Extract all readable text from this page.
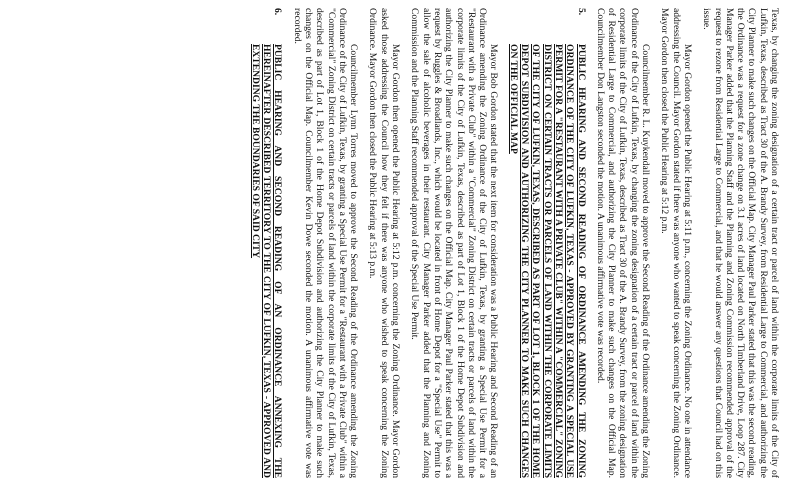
Texas, by changing the zoning designation of a certain tract or parcel of land within the corporate limits of the City of Lufkin, Texas, described as Tract 30 of the A. Brandy Survey, from Residential Large to Commercial, and authorizing the City Planner to make such changes on the Official Map. City Manager Paul Parker stated that this was the second reading, the Ordinance was a request for a zone change on 3.1 acres of land located on North Timberland Drive, Loop 287. City Manager Parker added that the Planning Staff and the Planning and Zoning Commission recommended approval of the request to rezone from Residential Large to Commercial, and that he would answer any questions that Council had on this issue.

Mayor Gordon opened the Public Hearing at 5:11 p.m., concerning the Zoning Ordinance. No one in attendance addressing the Council. Mayor Gordon stated if there was anyone who wanted to speak concerning the Zoning Ordinance. Mayor Gordon then closed the Public Hearing at 5:12 p.m.

Councilmember R. L. Kuykendall moved to approve the Second Reading of the Ordinance amending the Zoning Ordinance of the City of Lufkin, Texas, by changing the zoning designation of a certain tract or parcel of land within the corporate limits of the City of Lufkin, Texas, described as Tract 30 of the A. Brandy Survey, from the zoning designation of Residential Large to Commercial, and authorizing the City Planner to make such changes on the Official Map. Councilmember Don Langston seconded the motion. A unanimous affirmative vote was recorded.

5.

PUBLIC HEARING AND SECOND READING OF ORDINANCE AMENDING THE ZONING ORDINANCE OF THE CITY OF LUFKIN, TEXAS - APPROVED BY GRANTING A SPECIAL USE PERMIT FOR A "RESTAURANT WITH A PRIVATE CLUB" WITHIN A "COMMERCIAL" ZONING DISTRICT ON CERTAIN TRACTS OR PARCELS OF LAND WITHIN THE CORPORATE LIMITS OF THE CITY OF LUFKIN, TEXAS, DESCRIBED AS PART OF LOT 1, BLOCK 1 OF THE HOME DEPOT SUBDIVISION AND AUTHORIZING THE CITY PLANNER TO MAKE SUCH CHANGES ON THE OFFICIAL MAP

Mayor Bob Gordon stated that the next item for consideration was a Public Hearing and Second Reading of an Ordinance amending the Zoning Ordinance of the City of Lufkin, Texas, by granting a Special Use Permit for a "Restaurant with a Private Club" within a "Commercial" Zoning District on certain tracts or parcels of land within the corporate limits of the City of Lufkin, Texas, described as part of Lot 1, Block 1 of the Home Depot Subdivision and authorizing the City Planner to make such changes on the Official Map. City Manager Paul Parker stated that this was a request by Ruggles & Broadlands, Inc., which would be located in front of Home Depot for a "Special Use" Permit to allow the sale of alcoholic beverages in their restaurant. City Manager Parker added that the Planning and Zoning Commission and the Planning Staff recommended approval of the Special Use Permit.

Mayor Gordon then opened the Public Hearing at 5:12 p.m. concerning the Zoning Ordinance. Mayor Gordon asked those addressing the Council how they felt if there was anyone who wished to speak concerning the Zoning Ordinance. Mayor Gordon then closed the Public Hearing at 5:13 p.m.

Councilmember Lynn Torres moved to approve the Second Reading of the Ordinance amending the Zoning Ordinance of the City of Lufkin, Texas, by granting a Special Use Permit for a "Restaurant with a Private Club" within a "Commercial" Zoning District on certain tracts or parcels of land within the corporate limits of the City of Lufkin, Texas, described as part of Lot 1, Block 1 of the Home Depot Subdivision and authorizing the City Planner to make such changes on the Official Map. Councilmember Kevin Dowe seconded the motion. A unanimous affirmative vote was recorded.

6.

PUBLIC HEARING AND SECOND READING OF AN ORDINANCE ANNEXING THE HEREINAFTER DESCRIBED TERRITORY TO THE CITY OF LUFKIN, TEXAS - APPROVED AND EXTENDING THE BOUNDARIES OF SAID CITY
